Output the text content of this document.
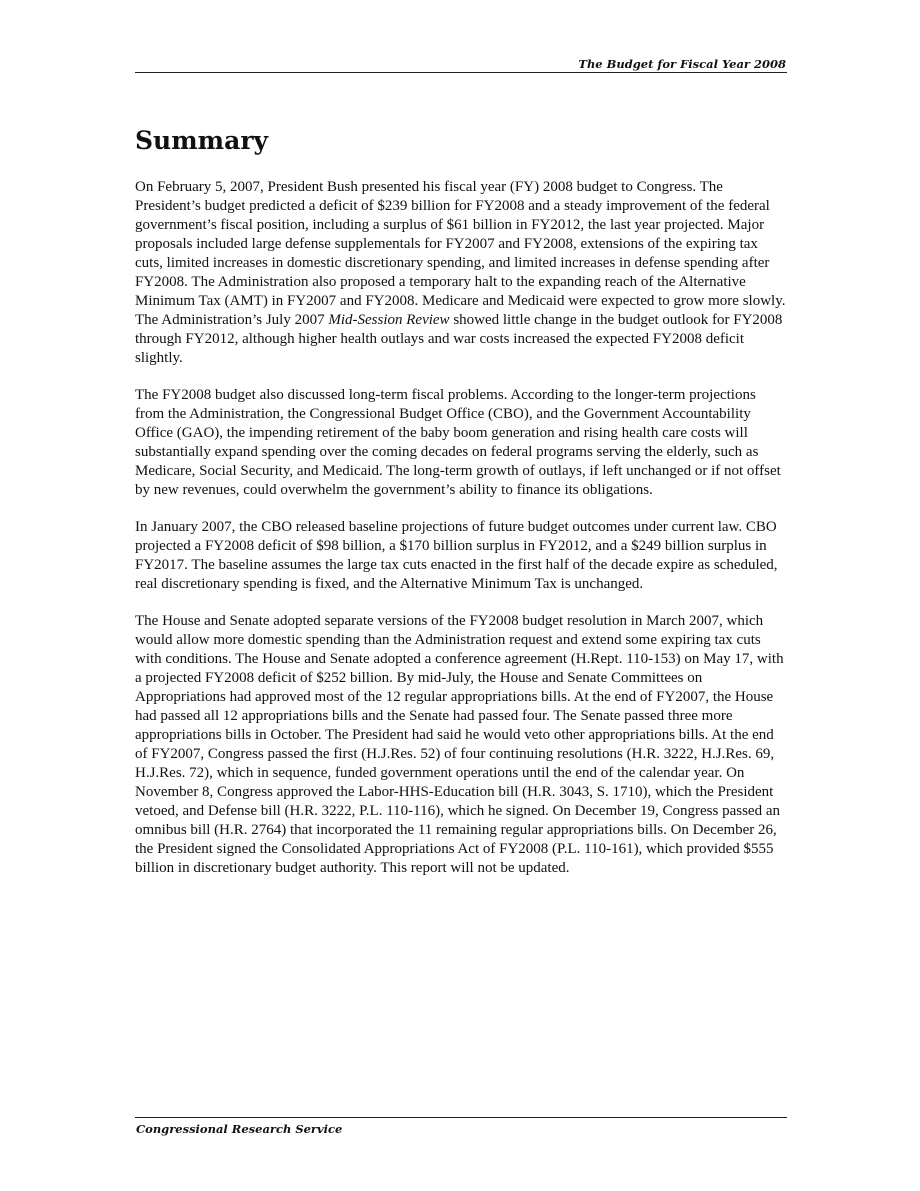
The Budget for Fiscal Year 2008
Summary

On February 5, 2007, President Bush presented his fiscal year (FY) 2008 budget to Congress. The President’s budget predicted a deficit of $239 billion for FY2008 and a steady improvement of the federal government’s fiscal position, including a surplus of $61 billion in FY2012, the last year projected. Major proposals included large defense supplementals for FY2007 and FY2008, extensions of the expiring tax cuts, limited increases in domestic discretionary spending, and limited increases in defense spending after FY2008. The Administration also proposed a temporary halt to the expanding reach of the Alternative Minimum Tax (AMT) in FY2007 and FY2008. Medicare and Medicaid were expected to grow more slowly. The Administration’s July 2007 Mid-Session Review showed little change in the budget outlook for FY2008 through FY2012, although higher health outlays and war costs increased the expected FY2008 deficit slightly.

The FY2008 budget also discussed long-term fiscal problems. According to the longer-term projections from the Administration, the Congressional Budget Office (CBO), and the Government Accountability Office (GAO), the impending retirement of the baby boom generation and rising health care costs will substantially expand spending over the coming decades on federal programs serving the elderly, such as Medicare, Social Security, and Medicaid. The long-term growth of outlays, if left unchanged or if not offset by new revenues, could overwhelm the government’s ability to finance its obligations.

In January 2007, the CBO released baseline projections of future budget outcomes under current law. CBO projected a FY2008 deficit of $98 billion, a $170 billion surplus in FY2012, and a $249 billion surplus in FY2017. The baseline assumes the large tax cuts enacted in the first half of the decade expire as scheduled, real discretionary spending is fixed, and the Alternative Minimum Tax is unchanged.

The House and Senate adopted separate versions of the FY2008 budget resolution in March 2007, which would allow more domestic spending than the Administration request and extend some expiring tax cuts with conditions. The House and Senate adopted a conference agreement (H.Rept. 110-153) on May 17, with a projected FY2008 deficit of $252 billion. By mid-July, the House and Senate Committees on Appropriations had approved most of the 12 regular appropriations bills. At the end of FY2007, the House had passed all 12 appropriations bills and the Senate had passed four. The Senate passed three more appropriations bills in October. The President had said he would veto other appropriations bills. At the end of FY2007, Congress passed the first (H.J.Res. 52) of four continuing resolutions (H.R. 3222, H.J.Res. 69, H.J.Res. 72), which in sequence, funded government operations until the end of the calendar year. On November 8, Congress approved the Labor-HHS-Education bill (H.R. 3043, S. 1710), which the President vetoed, and Defense bill (H.R. 3222, P.L. 110-116), which he signed. On December 19, Congress passed an omnibus bill (H.R. 2764) that incorporated the 11 remaining regular appropriations bills. On December 26, the President signed the Consolidated Appropriations Act of FY2008 (P.L. 110-161), which provided $555 billion in discretionary budget authority. This report will not be updated.

Congressional Research Service
